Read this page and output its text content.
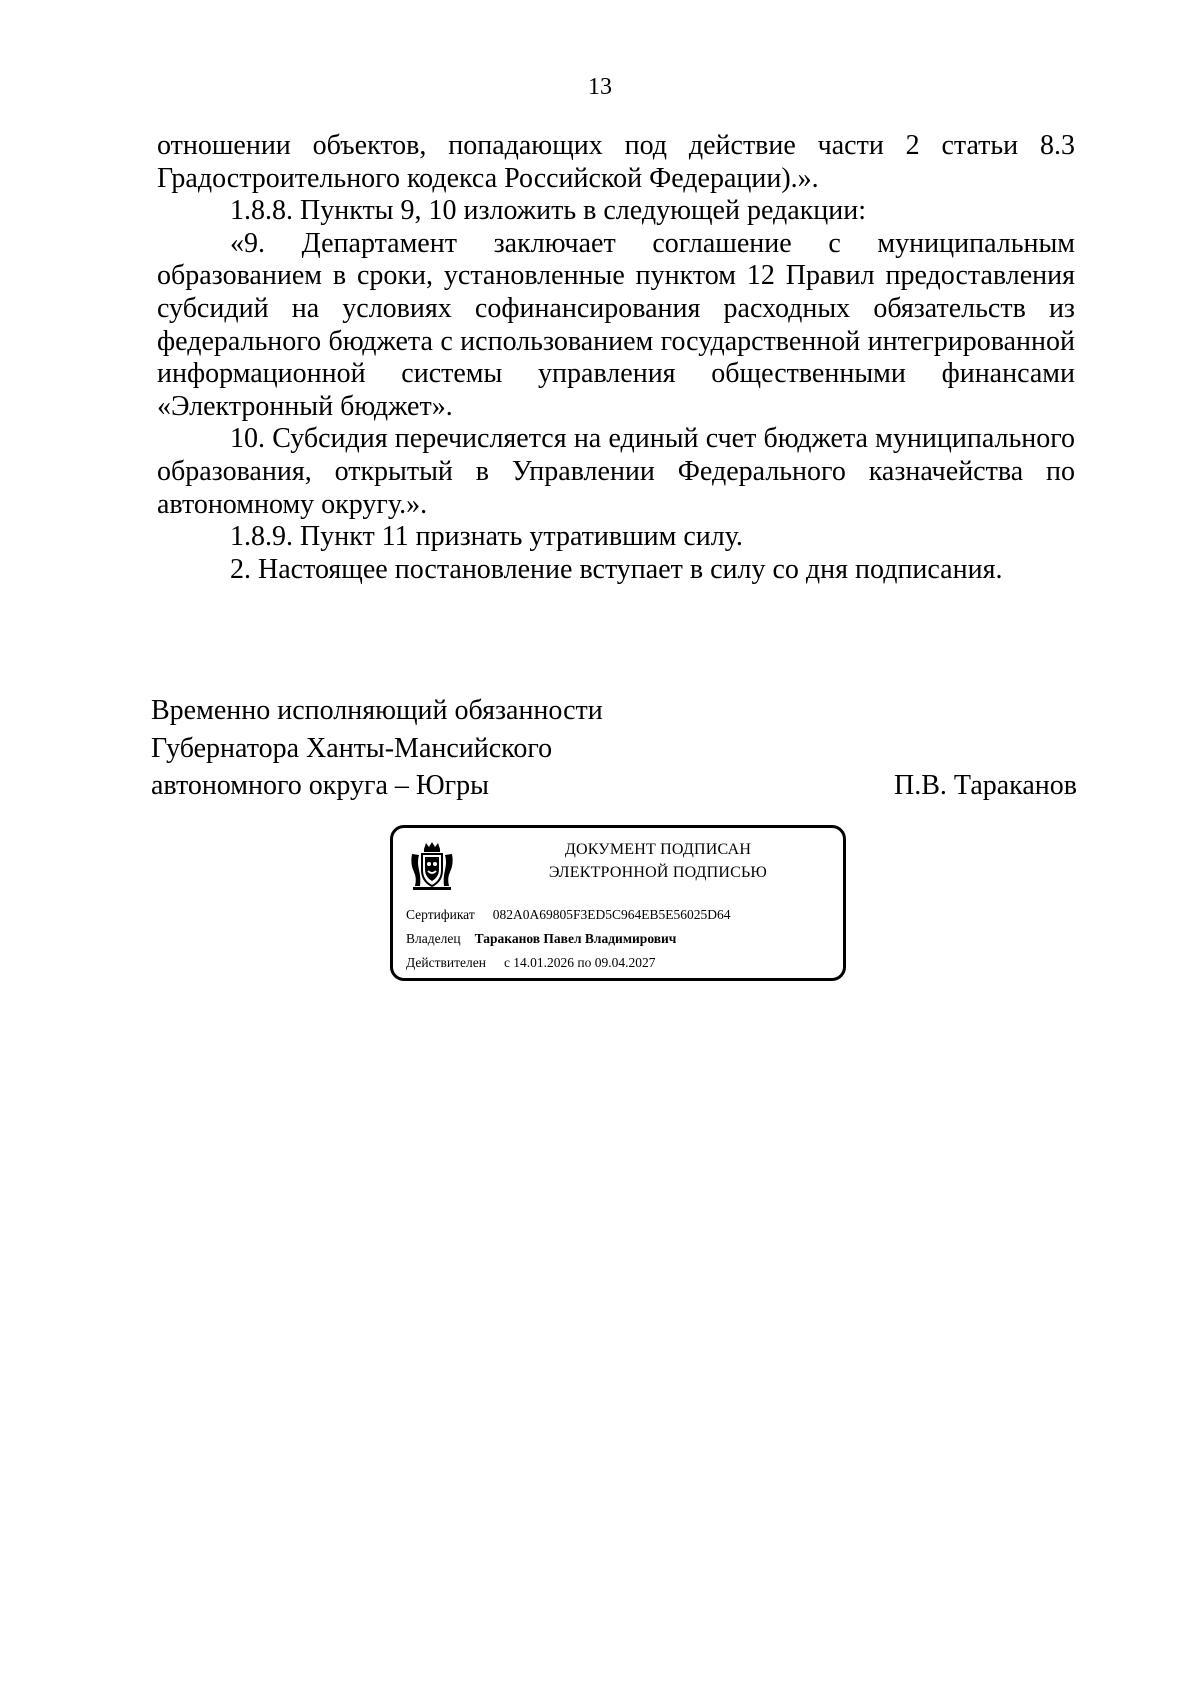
13

отношении объектов, попадающих под действие части 2 статьи 8.3 Градостроительного кодекса Российской Федерации).».

1.8.8. Пункты 9, 10 изложить в следующей редакции:

«9. Департамент заключает соглашение с муниципальным образованием в сроки, установленные пунктом 12 Правил предоставления субсидий на условиях софинансирования расходных обязательств из федерального бюджета с использованием государственной интегрированной информационной системы управления общественными финансами «Электронный бюджет».

10. Субсидия перечисляется на единый счет бюджета муниципального образования, открытый в Управлении Федерального казначейства по автономному округу.».

1.8.9. Пункт 11 признать утратившим силу.

2. Настоящее постановление вступает в силу со дня подписания.

Временно исполняющий обязанности
Губернатора Ханты-Мансийского
автономного округа – Югры	П.В. Тараканов
ДОКУМЕНТ ПОДПИСАН
ЭЛЕКТРОННОЙ ПОДПИСЬЮ
Сертификат 082A0A69805F3ED5C964EB5E56025D64
Владелец Тараканов Павел Владимирович
Действителен с 14.01.2026 по 09.04.2027
